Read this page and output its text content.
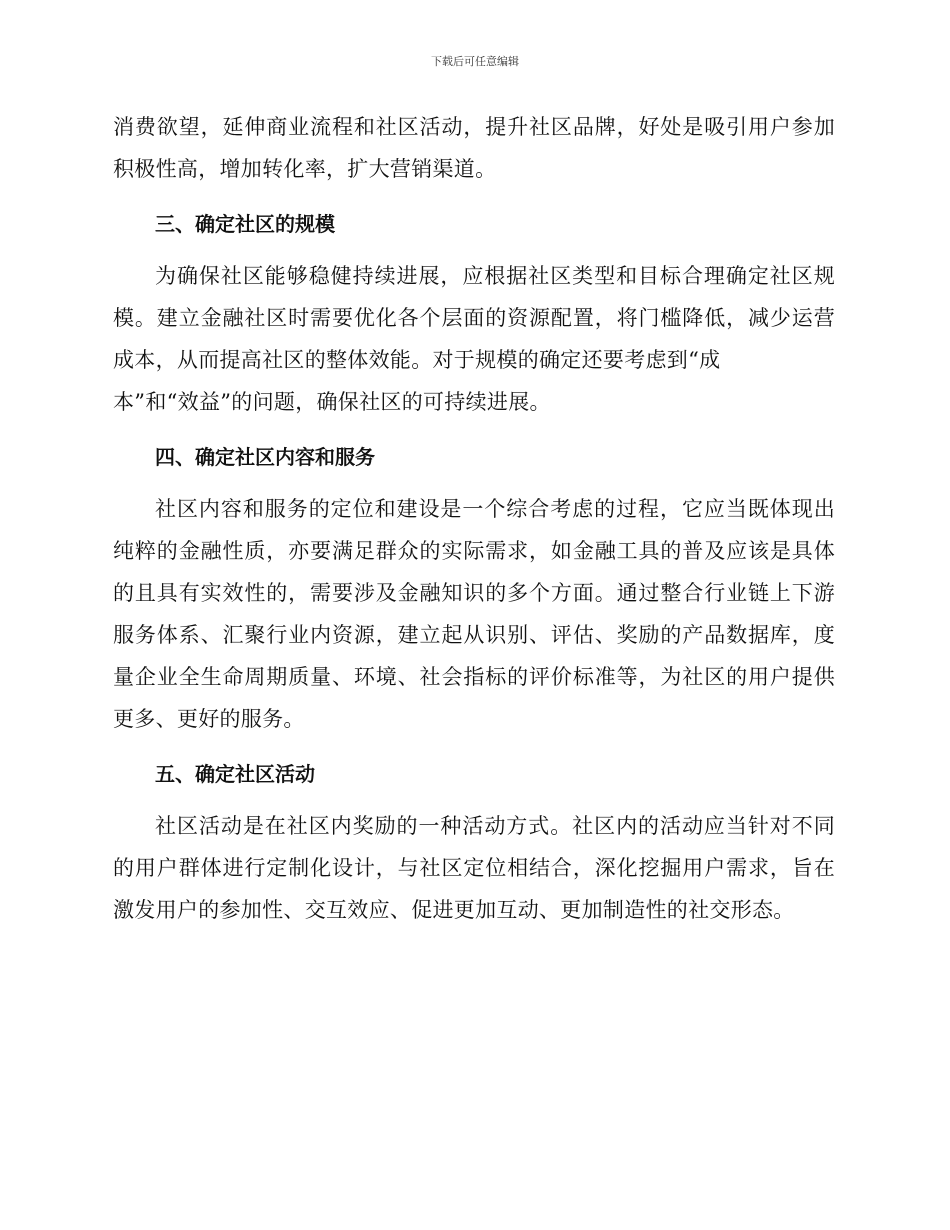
下载后可任意编辑

消费欲望，延伸商业流程和社区活动，提升社区品牌，好处是吸引用户参加积极性高，增加转化率，扩大营销渠道。

三、确定社区的规模

为确保社区能够稳健持续进展，应根据社区类型和目标合理确定社区规模。建立金融社区时需要优化各个层面的资源配置，将门槛降低，减少运营成本，从而提高社区的整体效能。对于规模的确定还要考虑到“成

本”和“效益”的问题，确保社区的可持续进展。

四、确定社区内容和服务

社区内容和服务的定位和建设是一个综合考虑的过程，它应当既体现出纯粹的金融性质，亦要满足群众的实际需求，如金融工具的普及应该是具体的且具有实效性的，需要涉及金融知识的多个方面。通过整合行业链上下游服务体系、汇聚行业内资源，建立起从识别、评估、奖励的产品数据库，度量企业全生命周期质量、环境、社会指标的评价标准等，为社区的用户提供更多、更好的服务。

五、确定社区活动

社区活动是在社区内奖励的一种活动方式。社区内的活动应当针对不同的用户群体进行定制化设计，与社区定位相结合，深化挖掘用户需求，旨在激发用户的参加性、交互效应、促进更加互动、更加制造性的社交形态。
